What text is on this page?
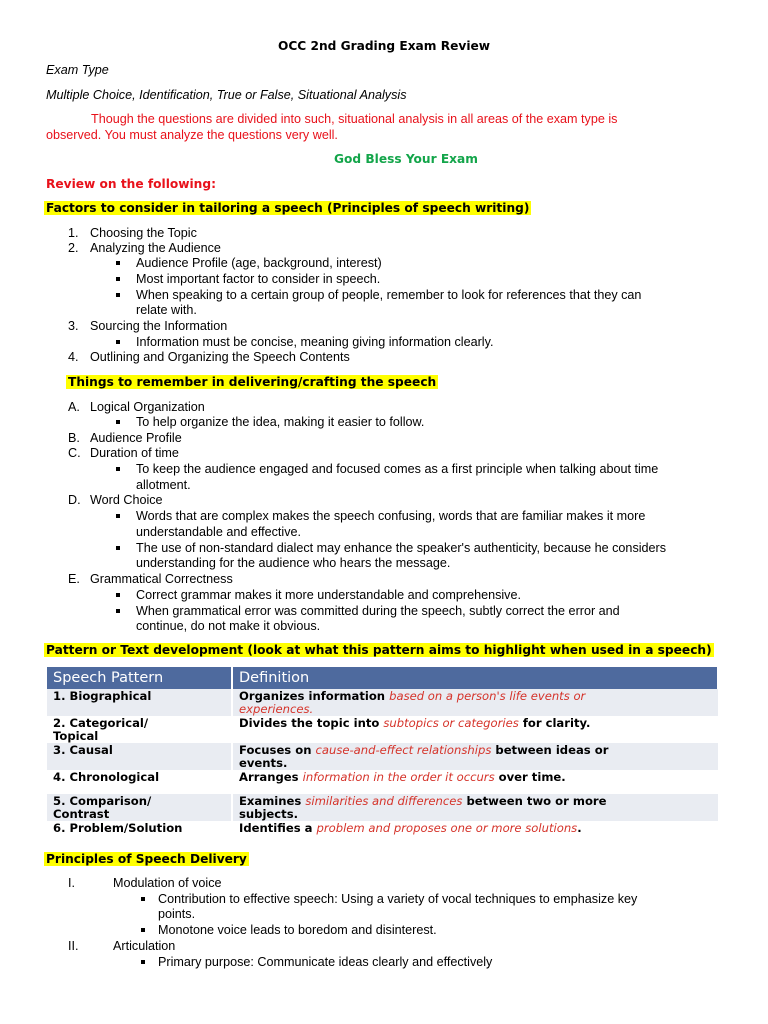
OCC 2nd Grading Exam Review
Exam Type
Multiple Choice, Identification, True or False, Situational Analysis
Though the questions are divided into such, situational analysis in all areas of the exam type is
observed. You must analyze the questions very well.
God Bless Your Exam
Review on the following:
Factors to consider in tailoring a speech (Principles of speech writing)
1. Choosing the Topic
2. Analyzing the Audience
Audience Profile (age, background, interest)
Most important factor to consider in speech.
When speaking to a certain group of people, remember to look for references that they can
relate with.
3. Sourcing the Information
Information must be concise, meaning giving information clearly.
4. Outlining and Organizing the Speech Contents
Things to remember in delivering/crafting the speech
A. Logical Organization
To help organize the idea, making it easier to follow.
B. Audience Profile
C. Duration of time
To keep the audience engaged and focused comes as a first principle when talking about time
allotment.
D. Word Choice
Words that are complex makes the speech confusing, words that are familiar makes it more
understandable and effective.
The use of non-standard dialect may enhance the speaker's authenticity, because he considers
understanding for the audience who hears the message.
E. Grammatical Correctness
Correct grammar makes it more understandable and comprehensive.
When grammatical error was committed during the speech, subtly correct the error and
continue, do not make it obvious.
Pattern or Text development (look at what this pattern aims to highlight when used in a speech)
Speech Pattern	Definition
1. Biographical	Organizes information based on a person's life events or
experiences.
2. Categorical/
Topical	Divides the topic into subtopics or categories for clarity.
3. Causal	Focuses on cause-and-effect relationships between ideas or
events.
4. Chronological	Arranges information in the order it occurs over time.
5. Comparison/
Contrast	Examines similarities and differences between two or more
subjects.
6. Problem/Solution	Identifies a problem and proposes one or more solutions.
Principles of Speech Delivery
I.	Modulation of voice
Contribution to effective speech: Using a variety of vocal techniques to emphasize key
points.
Monotone voice leads to boredom and disinterest.
II.	Articulation
Primary purpose: Communicate ideas clearly and effectively
